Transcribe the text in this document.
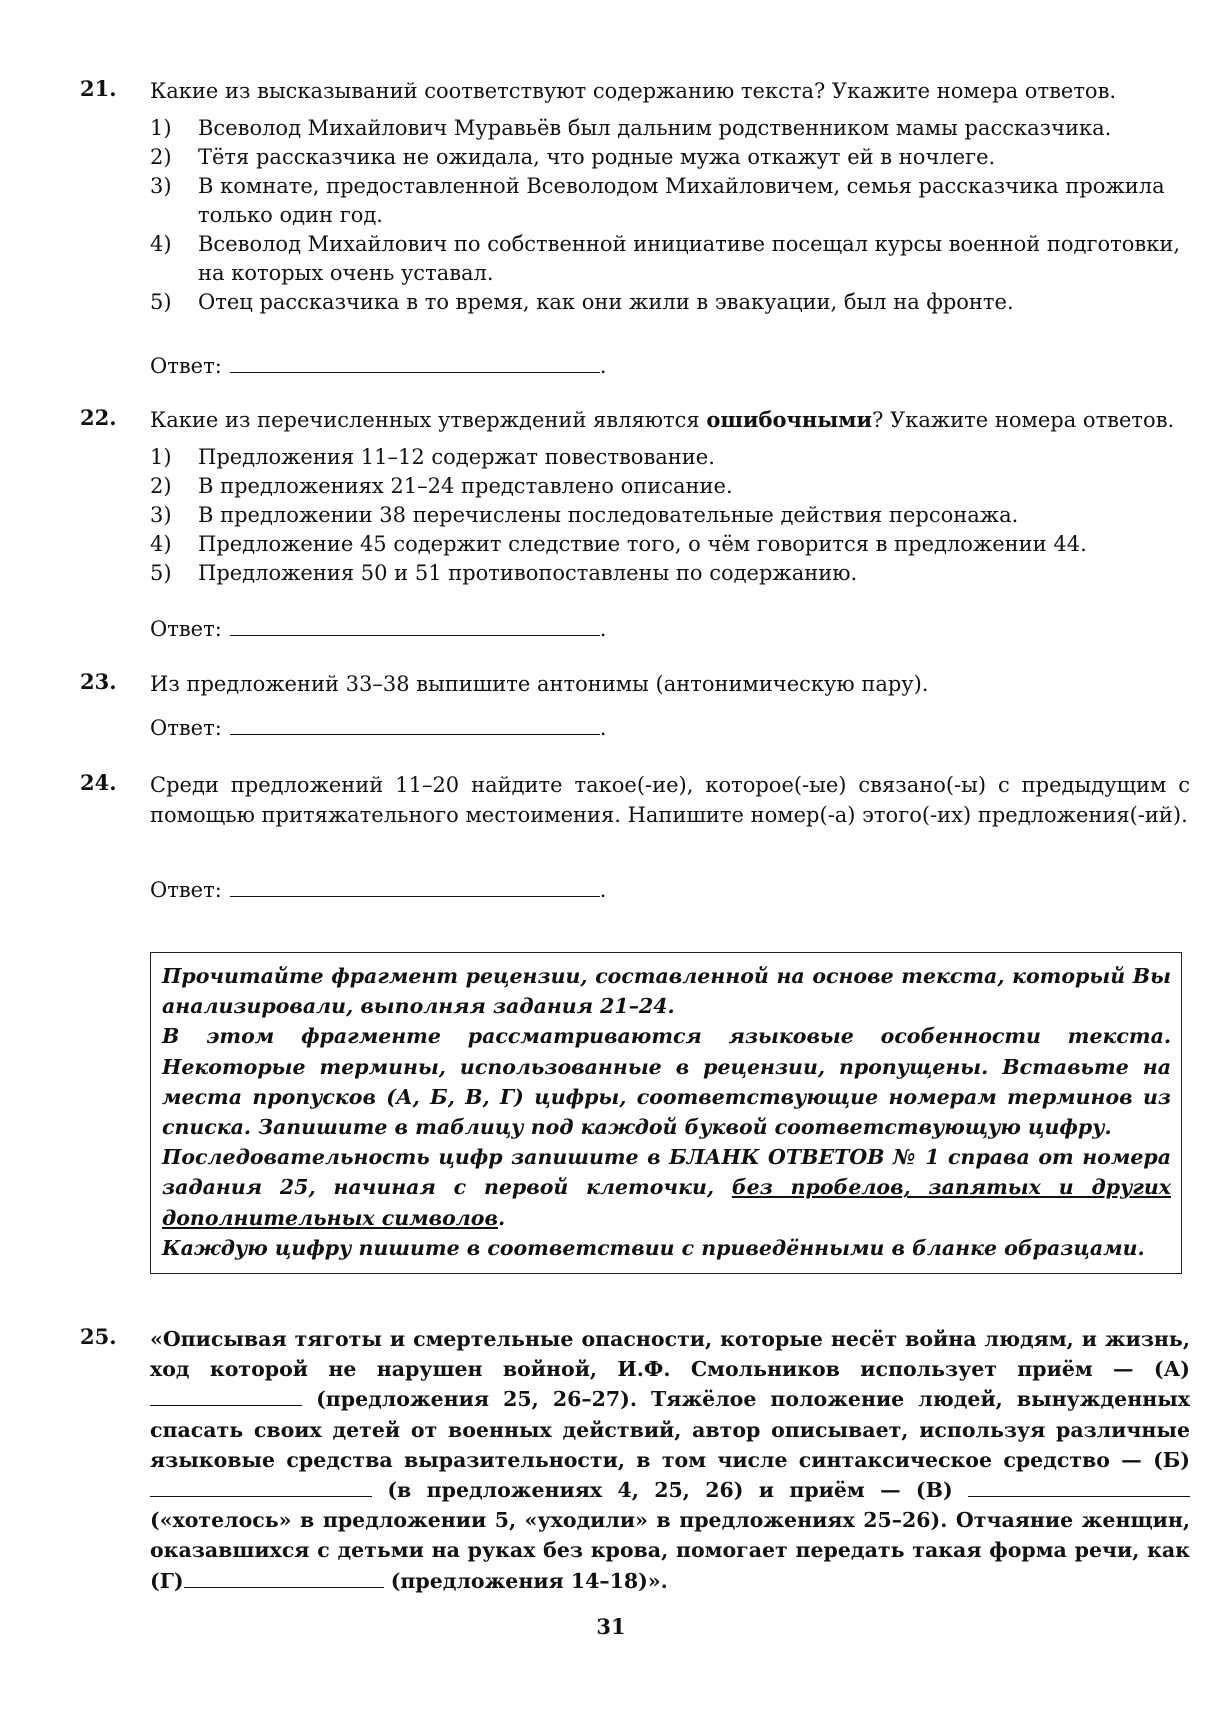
21. Какие из высказываний соответствуют содержанию текста? Укажите номера ответов.
1) Всеволод Михайлович Муравьёв был дальним родственником мамы рассказчика.
2) Тётя рассказчика не ожидала, что родные мужа откажут ей в ночлеге.
3) В комнате, предоставленной Всеволодом Михайловичем, семья рассказчика прожила только один год.
4) Всеволод Михайлович по собственной инициативе посещал курсы военной подготовки, на которых очень уставал.
5) Отец рассказчика в то время, как они жили в эвакуации, был на фронте.
Ответ:	.
22. Какие из перечисленных утверждений являются ошибочными? Укажите номера ответов.
1) Предложения 11–12 содержат повествование.
2) В предложениях 21–24 представлено описание.
3) В предложении 38 перечислены последовательные действия персонажа.
4) Предложение 45 содержит следствие того, о чём говорится в предложении 44.
5) Предложения 50 и 51 противопоставлены по содержанию.
Ответ:	.
23. Из предложений 33–38 выпишите антонимы (антонимическую пару).
Ответ:	.
24. Среди предложений 11–20 найдите такое(-ие), которое(-ые) связано(-ы) с предыдущим с помощью притяжательного местоимения. Напишите номер(-а) этого(-их) предложения(-ий).
Ответ:	.

Прочитайте фрагмент рецензии, составленной на основе текста, который Вы анализировали, выполняя задания 21–24.

В этом фрагменте рассматриваются языковые особенности текста. Некоторые термины, использованные в рецензии, пропущены. Вставьте на места пропусков (А, Б, В, Г) цифры, соответствующие номерам терминов из списка. Запишите в таблицу под каждой буквой соответствующую цифру.

Последовательность цифр запишите в БЛАНК ОТВЕТОВ № 1 справа от номера задания 25, начиная с первой клеточки, без пробелов, запятых и других дополнительных символов.

Каждую цифру пишите в соответствии с приведёнными в бланке образцами.

25. «Описывая тяготы и смертельные опасности, которые несёт война людям, и жизнь, ход которой не нарушен войной, И.Ф. Смольников использует приём — (А)  (предложения 25, 26–27). Тяжёлое положение людей, вынужденных спасать своих детей от военных действий, автор описывает, используя различные языковые средства выразительности, в том числе синтаксическое средство — (Б)  (в предложениях 4, 25, 26) и приём — (В)  («хотелось» в предложении 5, «уходили» в предложениях 25–26). Отчаяние женщин, оказавшихся с детьми на руках без крова, помогает передать такая форма речи, как (Г)	(предложения 14–18)».
31
